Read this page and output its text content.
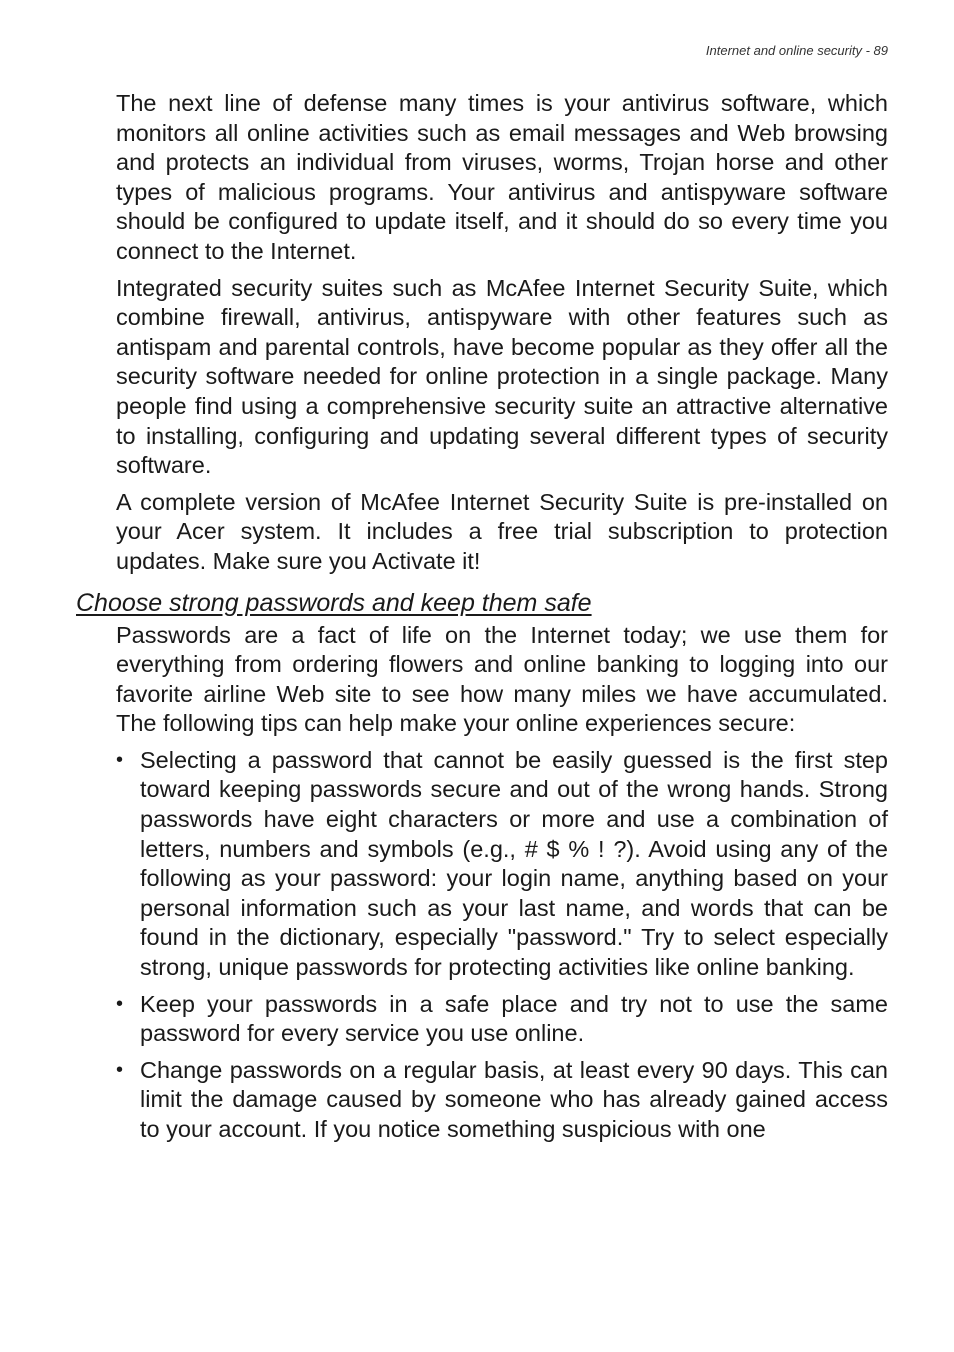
Internet and online security - 89

The next line of defense many times is your antivirus software, which monitors all online activities such as email messages and Web browsing and protects an individual from viruses, worms, Trojan horse and other types of malicious programs. Your antivirus and antispyware software should be configured to update itself, and it should do so every time you connect to the Internet.

Integrated security suites such as McAfee Internet Security Suite, which combine firewall, antivirus, antispyware with other features such as antispam and parental controls, have become popular as they offer all the security software needed for online protection in a single package. Many people find using a comprehensive security suite an attractive alternative to installing, configuring and updating several different types of security software.

A complete version of McAfee Internet Security Suite is pre-installed on your Acer system. It includes a free trial subscription to protection updates. Make sure you Activate it!

Choose strong passwords and keep them safe

Passwords are a fact of life on the Internet today; we use them for everything from ordering flowers and online banking to logging into our favorite airline Web site to see how many miles we have accumulated. The following tips can help make your online experiences secure:

• Selecting a password that cannot be easily guessed is the first step toward keeping passwords secure and out of the wrong hands. Strong passwords have eight characters or more and use a combination of letters, numbers and symbols (e.g., # $ % ! ?). Avoid using any of the following as your password: your login name, anything based on your personal information such as your last name, and words that can be found in the dictionary, especially "password." Try to select especially strong, unique passwords for protecting activities like online banking.
• Keep your passwords in a safe place and try not to use the same password for every service you use online.
• Change passwords on a regular basis, at least every 90 days. This can limit the damage caused by someone who has already gained access to your account. If you notice something suspicious with one
